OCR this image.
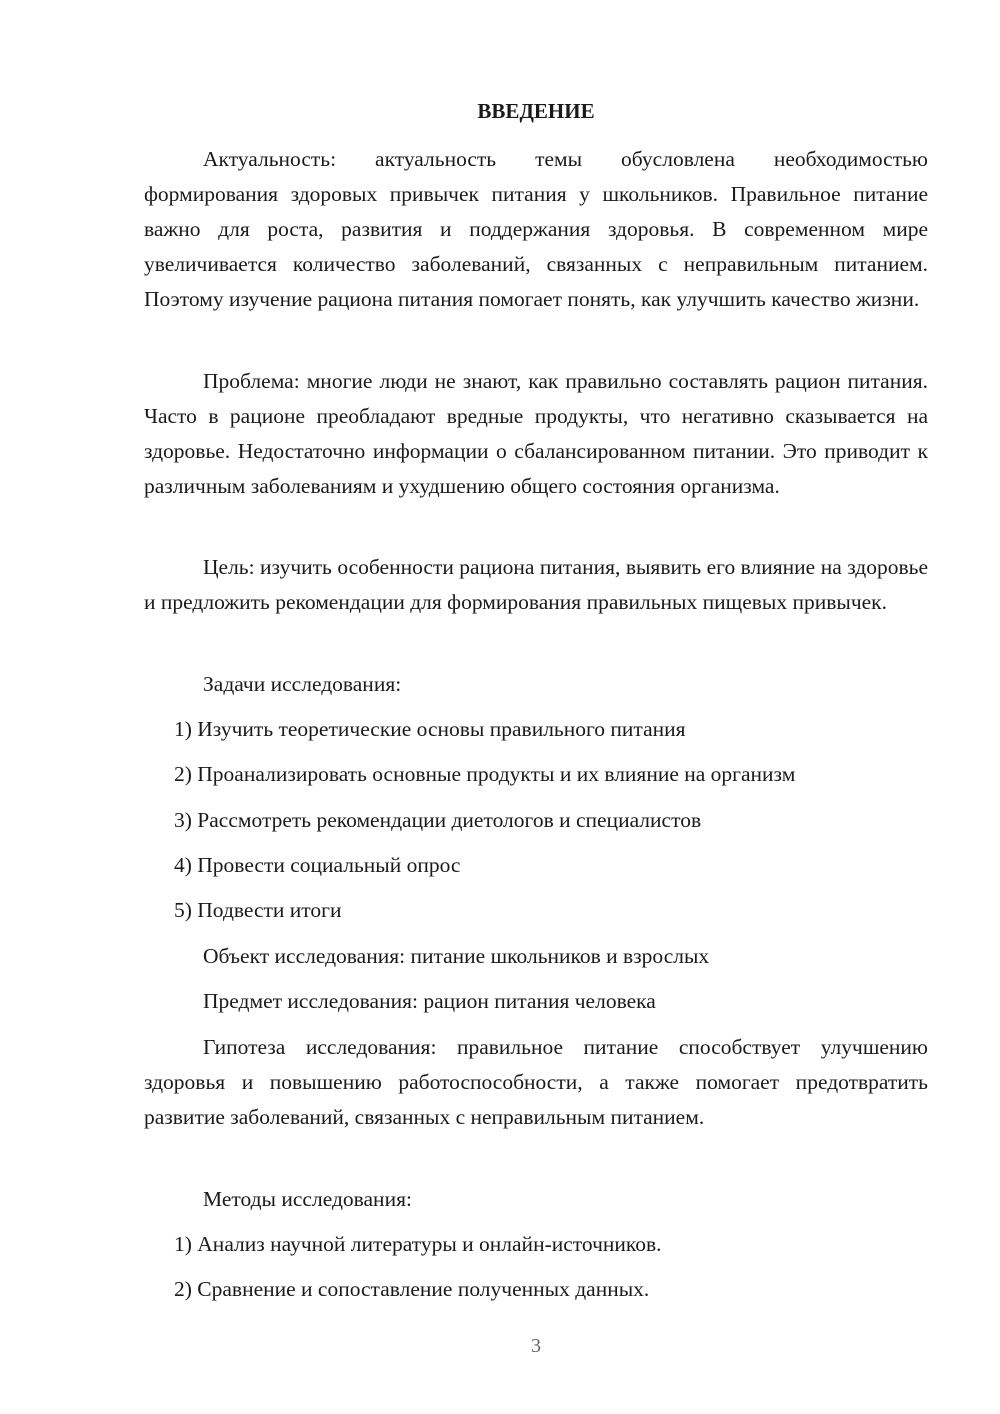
ВВЕДЕНИЕ

Актуальность: актуальность темы обусловлена необходимостью формирования здоровых привычек питания у школьников. Правильное питание важно для роста, развития и поддержания здоровья. В современном мире увеличивается количество заболеваний, связанных с неправильным питанием. Поэтому изучение рациона питания помогает понять, как улучшить качество жизни.

Проблема: многие люди не знают, как правильно составлять рацион питания. Часто в рационе преобладают вредные продукты, что негативно сказывается на здоровье. Недостаточно информации о сбалансированном питании. Это приводит к различным заболеваниям и ухудшению общего состояния организма.

Цель: изучить особенности рациона питания, выявить его влияние на здоровье и предложить рекомендации для формирования правильных пищевых привычек.

Задачи исследования:

1) Изучить теоретические основы правильного питания

2) Проанализировать основные продукты и их влияние на организм

3) Рассмотреть рекомендации диетологов и специалистов

4) Провести социальный опрос

5) Подвести итоги

Объект исследования: питание школьников и взрослых

Предмет исследования: рацион питания человека

Гипотеза исследования: правильное питание способствует улучшению здоровья и повышению работоспособности, а также помогает предотвратить развитие заболеваний, связанных с неправильным питанием.

Методы исследования:

1) Анализ научной литературы и онлайн-источников.

2) Сравнение и сопоставление полученных данных.

3
